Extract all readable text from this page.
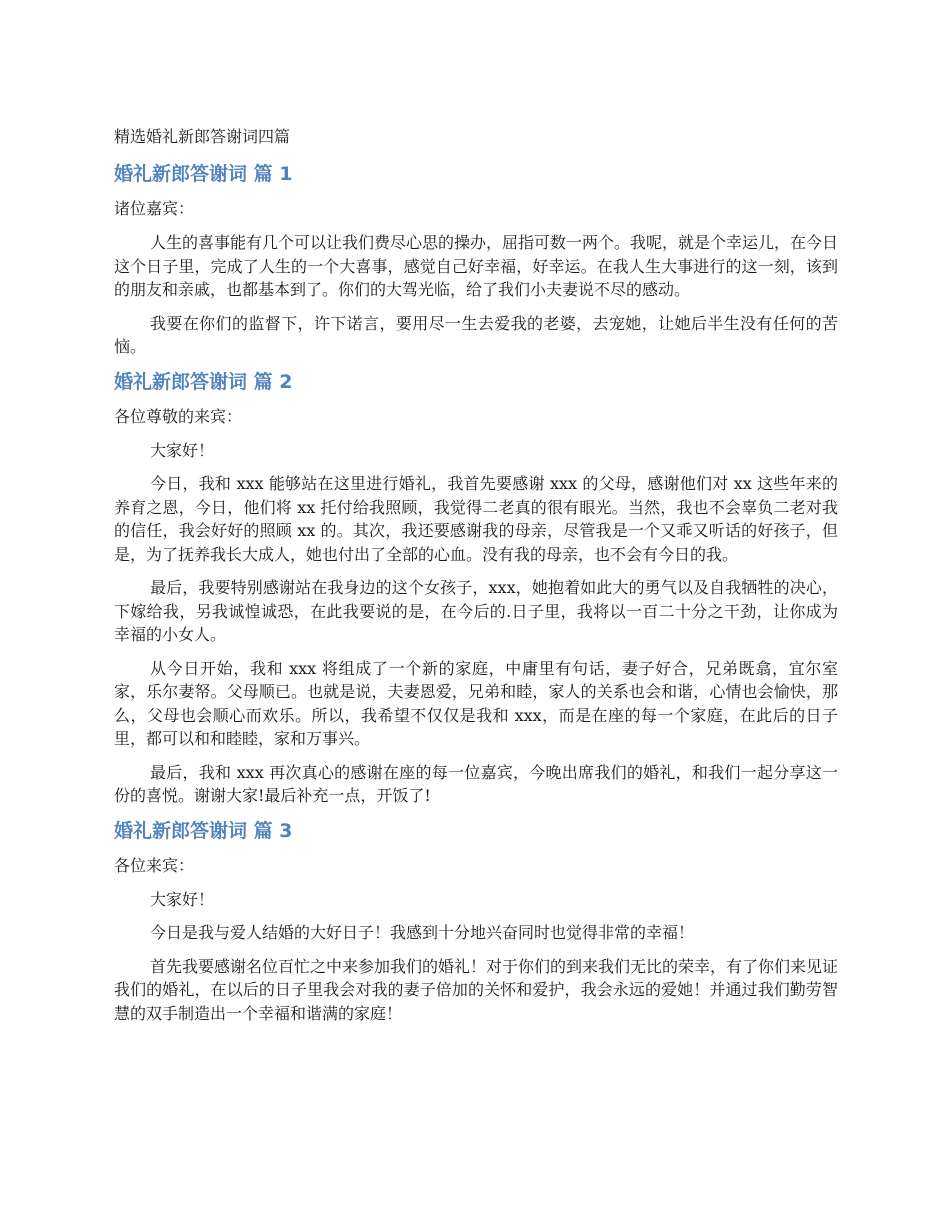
精选婚礼新郎答谢词四篇
婚礼新郎答谢词 篇 1
诸位嘉宾：

人生的喜事能有几个可以让我们费尽心思的操办，屈指可数一两个。我呢，就是个幸运儿，在今日这个日子里，完成了人生的一个大喜事，感觉自己好幸福，好幸运。在我人生大事进行的这一刻，该到的朋友和亲戚，也都基本到了。你们的大驾光临，给了我们小夫妻说不尽的感动。

我要在你们的监督下，许下诺言，要用尽一生去爱我的老婆，去宠她，让她后半生没有任何的苦恼。

婚礼新郎答谢词 篇 2
各位尊敬的来宾：

大家好！

今日，我和 xxx 能够站在这里进行婚礼，我首先要感谢 xxx 的父母，感谢他们对 xx 这些年来的养育之恩，今日，他们将 xx 托付给我照顾，我觉得二老真的很有眼光。当然，我也不会辜负二老对我的信任，我会好好的照顾 xx 的。其次，我还要感谢我的母亲，尽管我是一个又乖又听话的好孩子，但是，为了抚养我长大成人，她也付出了全部的心血。没有我的母亲，也不会有今日的我。

最后，我要特别感谢站在我身边的这个女孩子，xxx，她抱着如此大的勇气以及自我牺牲的决心，下嫁给我，另我诚惶诚恐，在此我要说的是，在今后的.日子里，我将以一百二十分之干劲，让你成为幸福的小女人。

从今日开始，我和 xxx 将组成了一个新的家庭，中庸里有句话，妻子好合，兄弟既翕，宜尔室家，乐尔妻帑。父母顺已。也就是说，夫妻恩爱，兄弟和睦，家人的关系也会和谐，心情也会愉快，那么，父母也会顺心而欢乐。所以，我希望不仅仅是我和 xxx，而是在座的每一个家庭，在此后的日子里，都可以和和睦睦，家和万事兴。

最后，我和 xxx 再次真心的感谢在座的每一位嘉宾，今晚出席我们的婚礼，和我们一起分享这一份的喜悦。谢谢大家!最后补充一点，开饭了!

婚礼新郎答谢词 篇 3
各位来宾：

大家好！

今日是我与爱人结婚的大好日子！我感到十分地兴奋同时也觉得非常的幸福！

首先我要感谢名位百忙之中来参加我们的婚礼！对于你们的到来我们无比的荣幸，有了你们来见证我们的婚礼，在以后的日子里我会对我的妻子倍加的关怀和爱护，我会永远的爱她！并通过我们勤劳智慧的双手制造出一个幸福和谐满的家庭！
